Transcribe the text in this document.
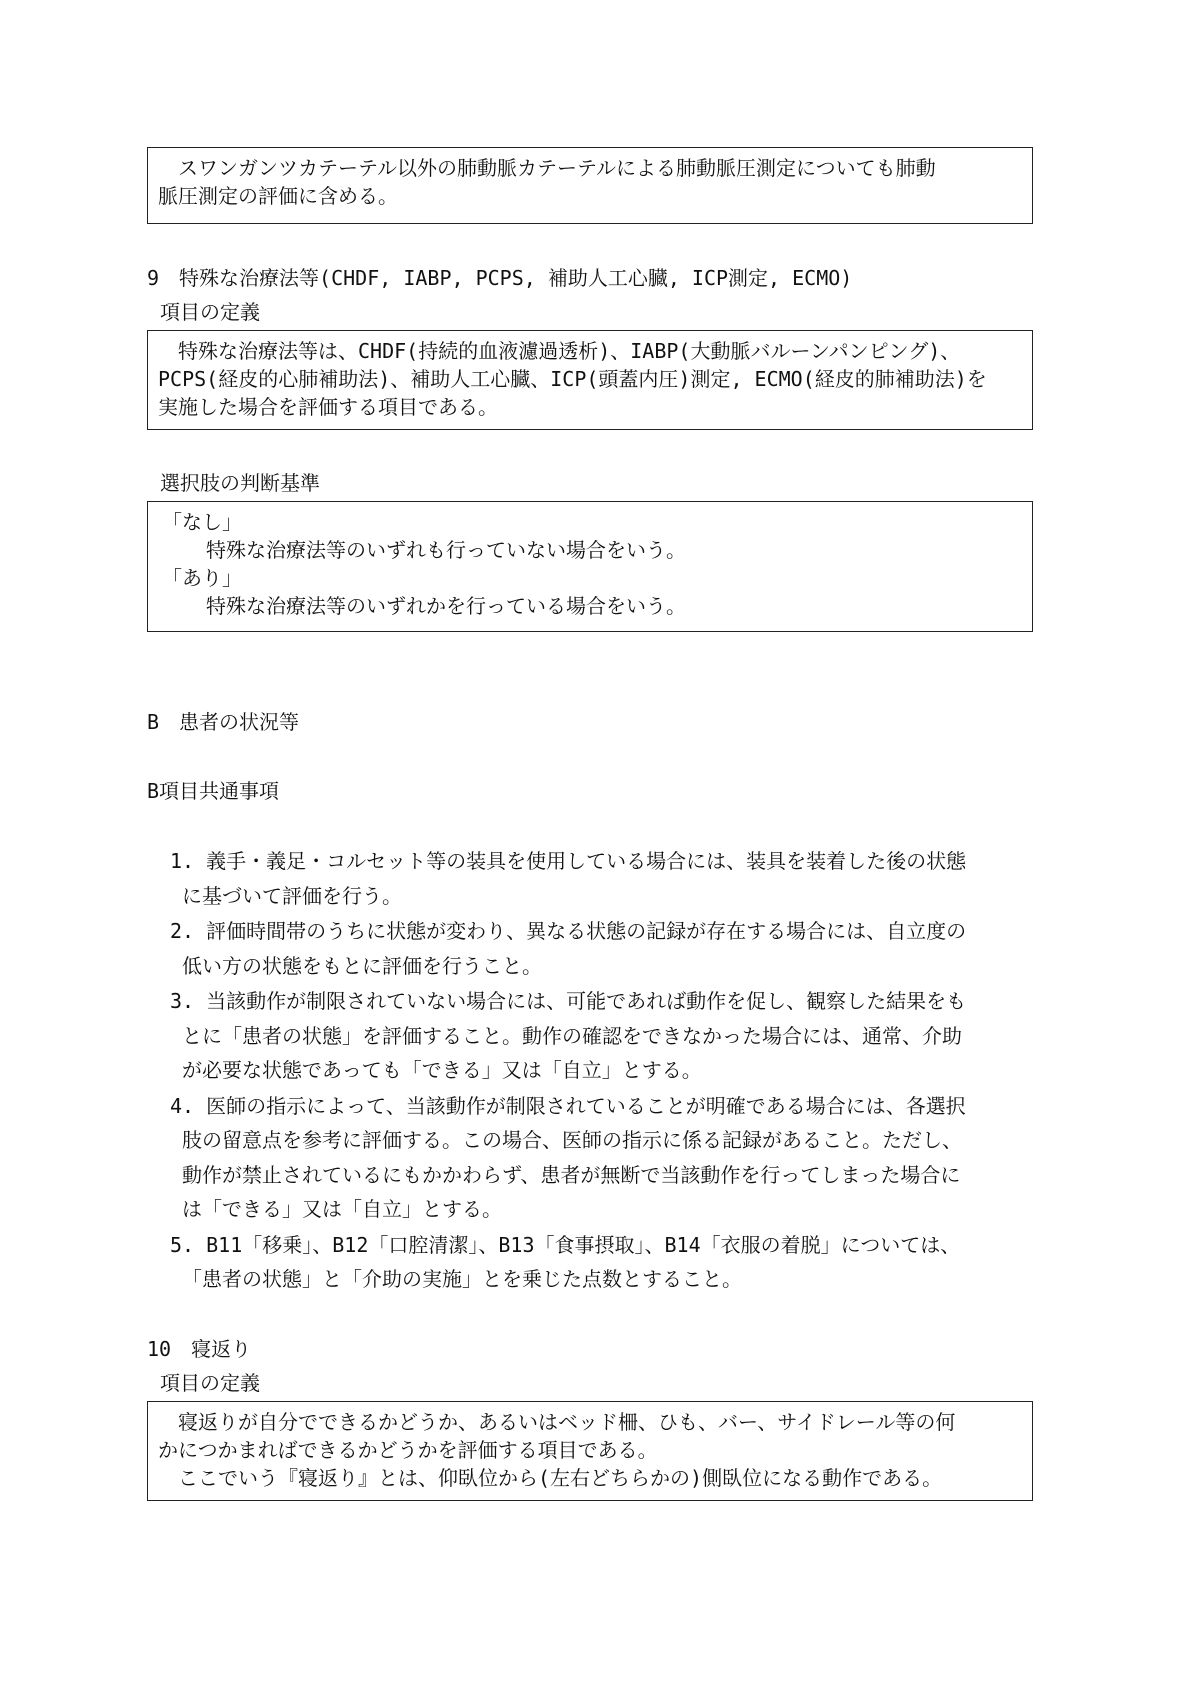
スワンガンツカテーテル以外の肺動脈カテーテルによる肺動脈圧測定についても肺動
脈圧測定の評価に含める。
9　特殊な治療法等(CHDF, IABP, PCPS, 補助人工心臓, ICP測定, ECMO)
項目の定義
特殊な治療法等は、CHDF(持続的血液濾過透析)、IABP(大動脈バルーンパンピング)、
PCPS(経皮的心肺補助法)、補助人工心臓、ICP(頭蓋内圧)測定, ECMO(経皮的肺補助法)を
実施した場合を評価する項目である。
選択肢の判断基準
「なし」
特殊な治療法等のいずれも行っていない場合をいう。
「あり」
特殊な治療法等のいずれかを行っている場合をいう。
B　患者の状況等
B項目共通事項
1. 義手・義足・コルセット等の装具を使用している場合には、装具を装着した後の状態
に基づいて評価を行う。
2. 評価時間帯のうちに状態が変わり、異なる状態の記録が存在する場合には、自立度の
低い方の状態をもとに評価を行うこと。
3. 当該動作が制限されていない場合には、可能であれば動作を促し、観察した結果をも
とに「患者の状態」を評価すること。動作の確認をできなかった場合には、通常、介助
が必要な状態であっても「できる」又は「自立」とする。
4. 医師の指示によって、当該動作が制限されていることが明確である場合には、各選択
肢の留意点を参考に評価する。この場合、医師の指示に係る記録があること。ただし、
動作が禁止されているにもかかわらず、患者が無断で当該動作を行ってしまった場合に
は「できる」又は「自立」とする。
5. B11「移乗」、B12「口腔清潔」、B13「食事摂取」、B14「衣服の着脱」については、
「患者の状態」と「介助の実施」とを乗じた点数とすること。
10　寝返り
項目の定義
寝返りが自分でできるかどうか、あるいはベッド柵、ひも、バー、サイドレール等の何
かにつかまればできるかどうかを評価する項目である。
ここでいう『寝返り』とは、仰臥位から(左右どちらかの)側臥位になる動作である。
